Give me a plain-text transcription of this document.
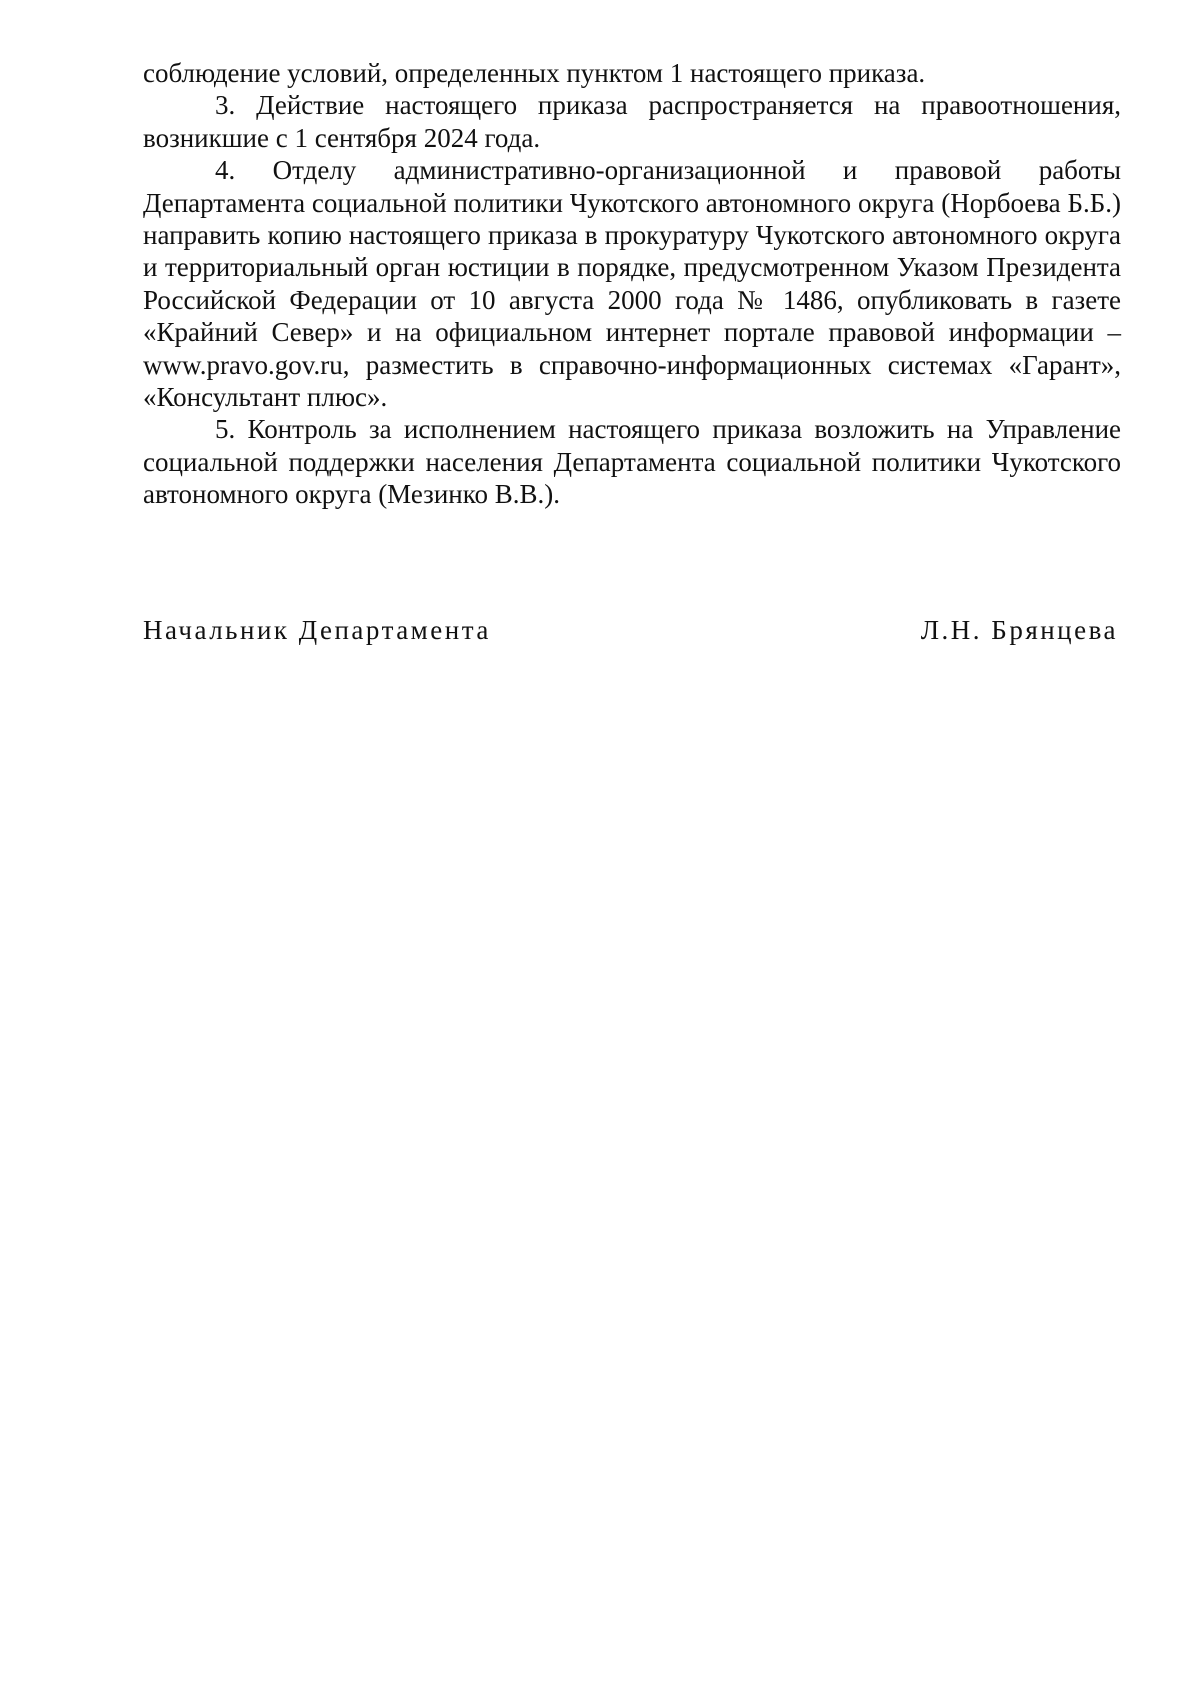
соблюдение условий, определенных пунктом 1 настоящего приказа.

3. Действие настоящего приказа распространяется на правоотношения, возникшие с 1 сентября 2024 года.

4. Отделу административно-организационной и правовой работы Департамента социальной политики Чукотского автономного округа (Норбоева Б.Б.) направить копию настоящего приказа в прокуратуру Чукотского автономного округа и территориальный орган юстиции в порядке, предусмотренном Указом Президента Российской Федерации от 10 августа 2000 года № 1486, опубликовать в газете «Крайний Север» и на официальном интернет портале правовой информации – www.pravo.gov.ru, разместить в справочно-информационных системах «Гарант», «Консультант плюс».

5. Контроль за исполнением настоящего приказа возложить на Управление социальной поддержки населения Департамента социальной политики Чукотского автономного округа (Мезинко В.В.).

Начальник Департамента	Л.Н. Брянцева
